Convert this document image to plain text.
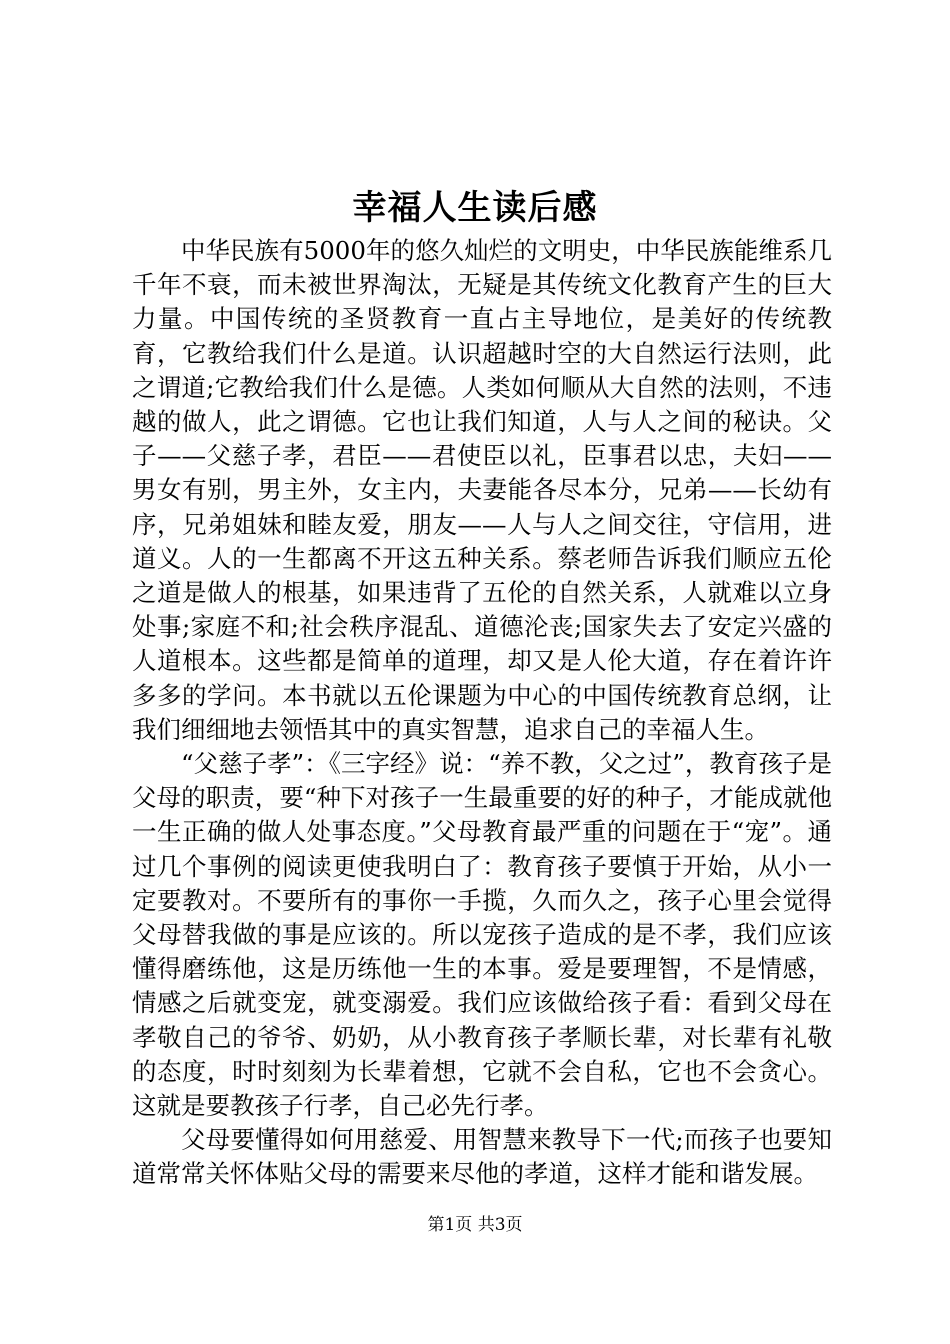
幸福人生读后感

中华民族有5000年的悠久灿烂的文明史，中华民族能维系几千年不衰，而未被世界淘汰，无疑是其传统文化教育产生的巨大力量。中国传统的圣贤教育一直占主导地位，是美好的传统教育，它教给我们什么是道。认识超越时空的大自然运行法则，此之谓道;它教给我们什么是德。人类如何顺从大自然的法则，不违越的做人，此之谓德。它也让我们知道，人与人之间的秘诀。父子——父慈子孝，君臣——君使臣以礼，臣事君以忠，夫妇——男女有别，男主外，女主内，夫妻能各尽本分，兄弟——长幼有序，兄弟姐妹和睦友爱，朋友——人与人之间交往，守信用，进道义。人的一生都离不开这五种关系。蔡老师告诉我们顺应五伦之道是做人的根基，如果违背了五伦的自然关系，人就难以立身处事;家庭不和;社会秩序混乱、道德沦丧;国家失去了安定兴盛的人道根本。这些都是简单的道理，却又是人伦大道，存在着许许多多的学问。本书就以五伦课题为中心的中国传统教育总纲，让我们细细地去领悟其中的真实智慧，追求自己的幸福人生。

“父慈子孝”：《三字经》说：“养不教，父之过”，教育孩子是父母的职责，要“种下对孩子一生最重要的好的种子，才能成就他一生正确的做人处事态度。”父母教育最严重的问题在于“宠”。通过几个事例的阅读更使我明白了：教育孩子要慎于开始，从小一定要教对。不要所有的事你一手揽，久而久之，孩子心里会觉得父母替我做的事是应该的。所以宠孩子造成的是不孝，我们应该懂得磨练他，这是历练他一生的本事。爱是要理智，不是情感，情感之后就变宠，就变溺爱。我们应该做给孩子看：看到父母在孝敬自己的爷爷、奶奶，从小教育孩子孝顺长辈，对长辈有礼敬的态度，时时刻刻为长辈着想，它就不会自私，它也不会贪心。这就是要教孩子行孝，自己必先行孝。

父母要懂得如何用慈爱、用智慧来教导下一代;而孩子也要知道常常关怀体贴父母的需要来尽他的孝道，这样才能和谐发展。

第1页 共3页
